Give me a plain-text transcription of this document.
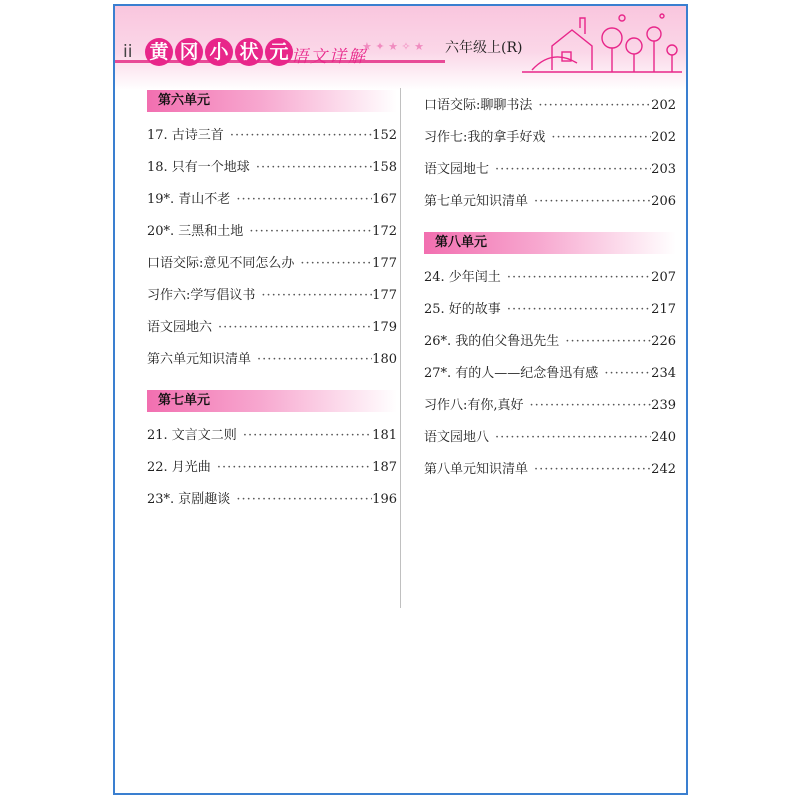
ii 黄 冈 小 状 元 语文详解
★ ✦ ★ ✧ ★ 六年级上(R)
第六单元
17. 古诗三首 ·····	152
18. 只有一个地球 ·····	158
19*. 青山不老 ·····	167
20*. 三黑和土地 ·····	172
口语交际:意见不同怎么办 ·····	177
习作六:学写倡议书 ·····	177
语文园地六 ·····	179
第六单元知识清单 ·····	180
第七单元
21. 文言文二则 ·····	181
22. 月光曲 ·····	187
23*. 京剧趣谈 ·····	196
口语交际:聊聊书法 ·····	202
习作七:我的拿手好戏 ·····	202
语文园地七 ·····	203
第七单元知识清单 ·····	206
第八单元
24. 少年闰土 ·····	207
25. 好的故事 ·····	217
26*. 我的伯父鲁迅先生 ·····	226
27*. 有的人——纪念鲁迅有感 ·····	234
习作八:有你,真好 ·····	239
语文园地八 ·····	240
第八单元知识清单 ·····	242
